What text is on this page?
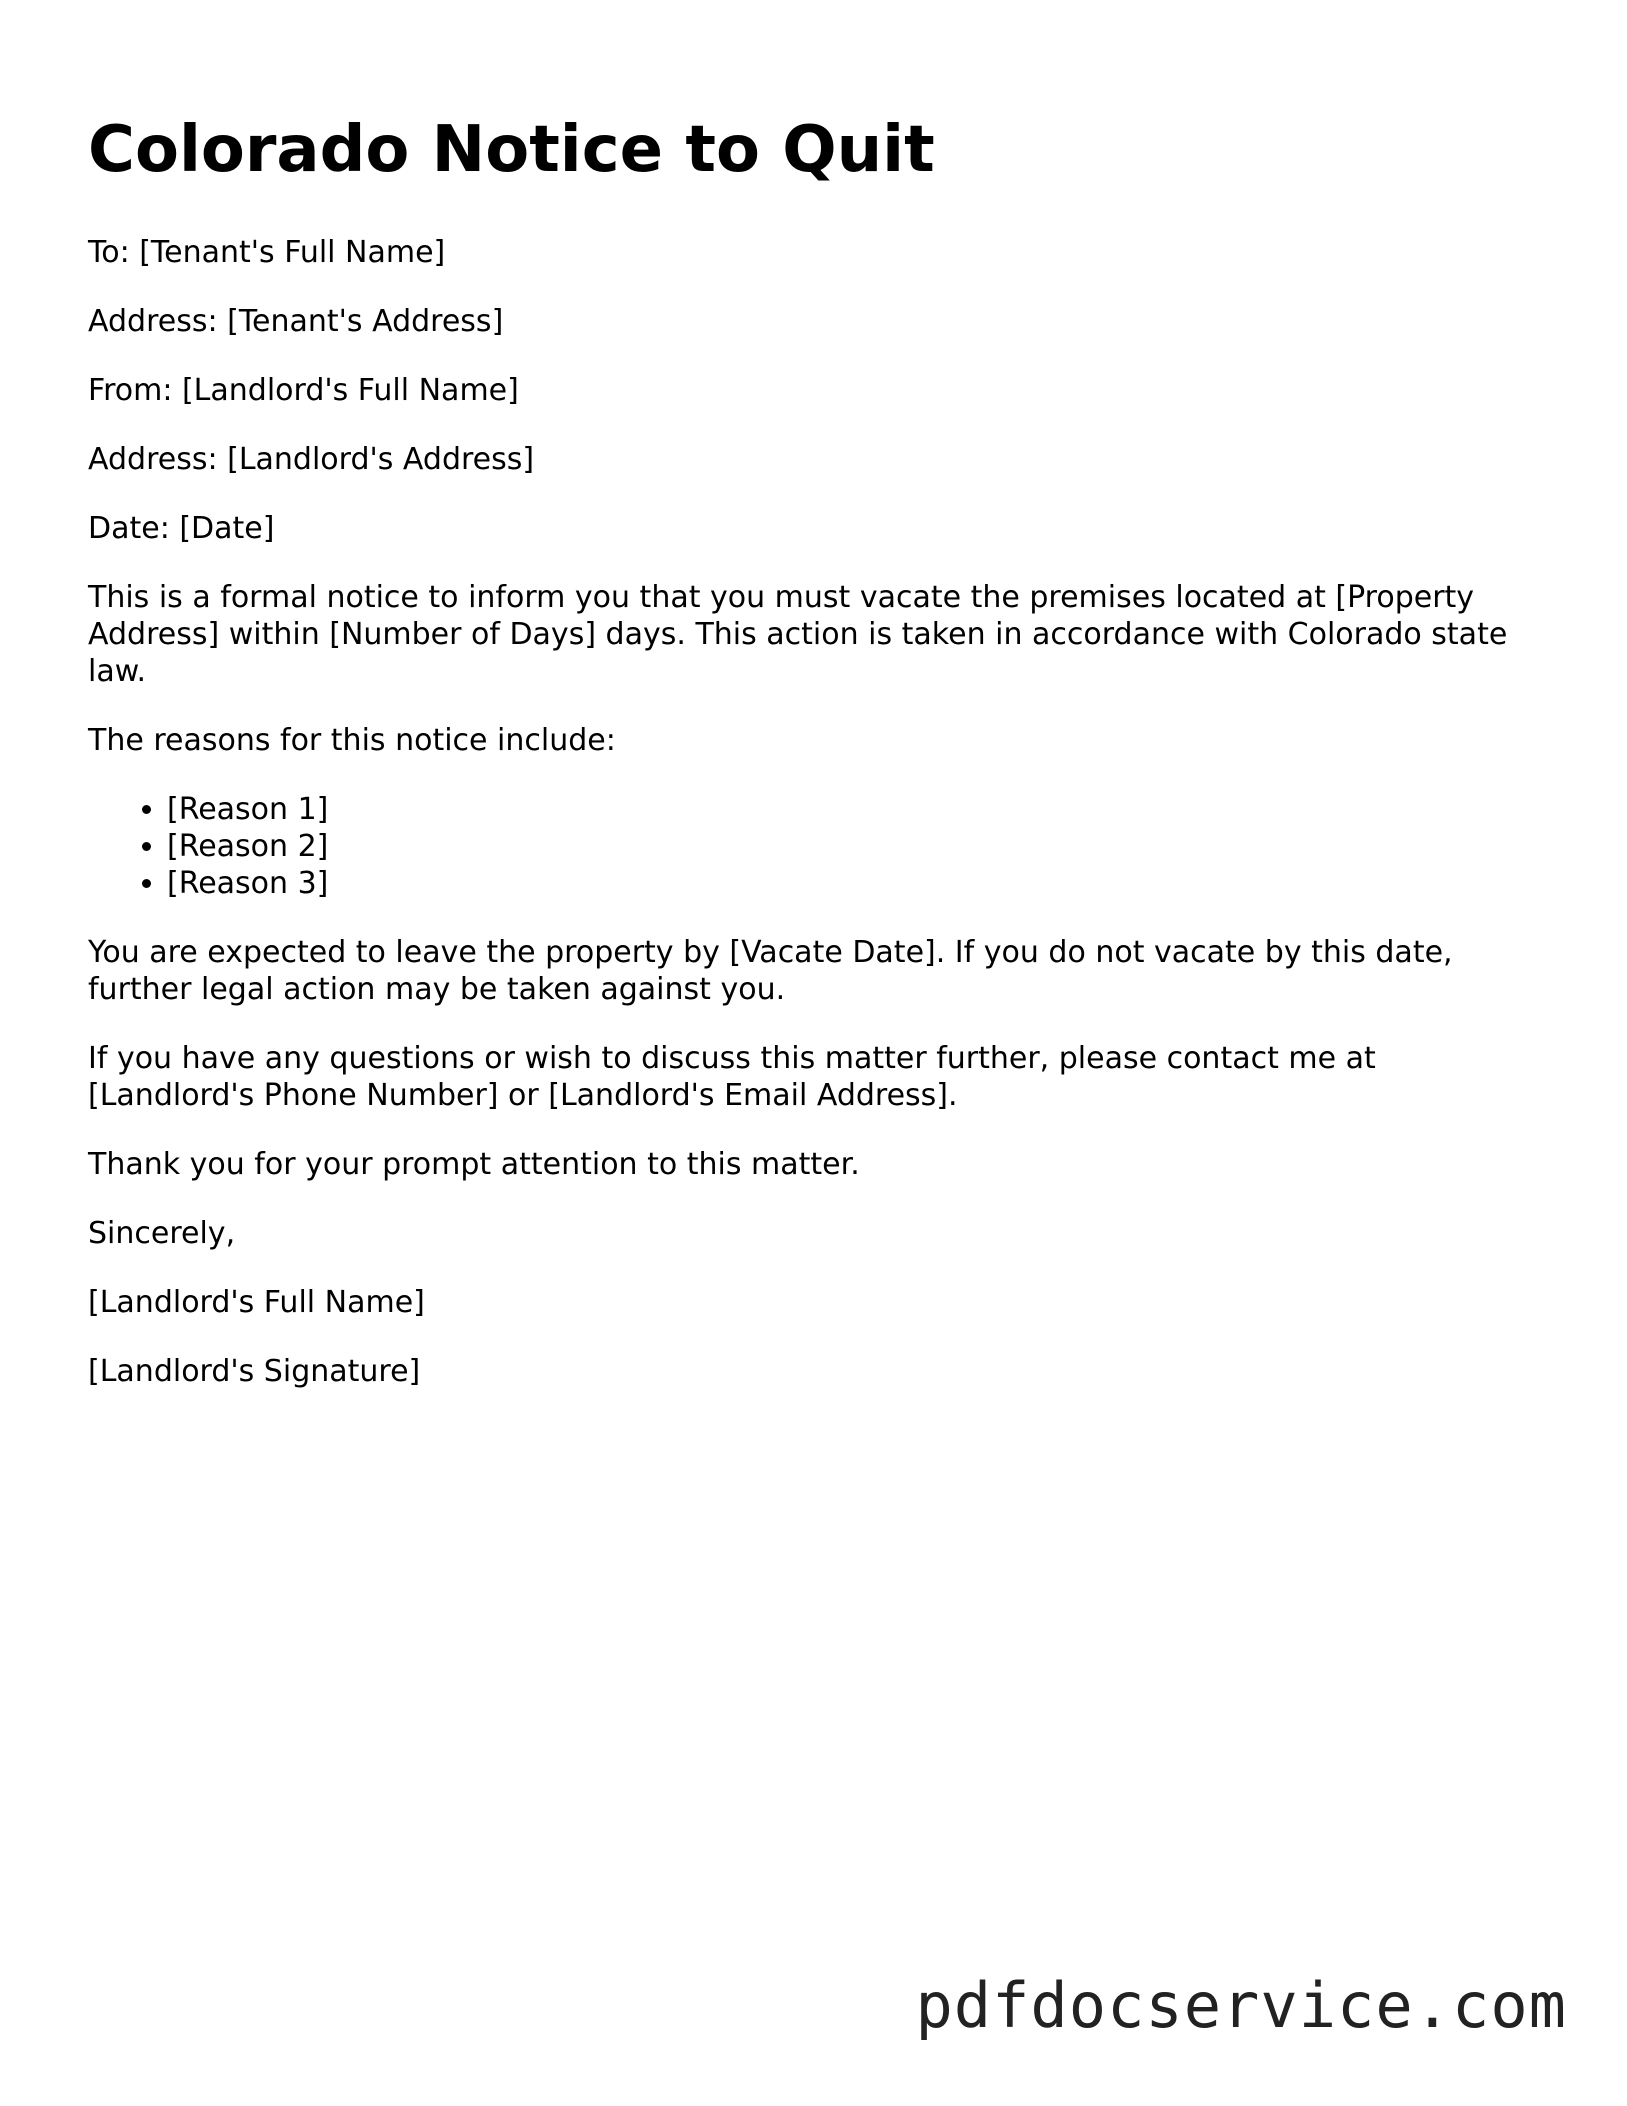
Colorado Notice to Quit

To: [Tenant's Full Name]

Address: [Tenant's Address]

From: [Landlord's Full Name]

Address: [Landlord's Address]

Date: [Date]

This is a formal notice to inform you that you must vacate the premises located at [Property Address] within [Number of Days] days. This action is taken in accordance with Colorado state law.

The reasons for this notice include:

• [Reason 1]
• [Reason 2]
• [Reason 3]

You are expected to leave the property by [Vacate Date]. If you do not vacate by this date, further legal action may be taken against you.

If you have any questions or wish to discuss this matter further, please contact me at [Landlord's Phone Number] or [Landlord's Email Address].

Thank you for your prompt attention to this matter.

Sincerely,

[Landlord's Full Name]

[Landlord's Signature]

pdfdocservice.com
